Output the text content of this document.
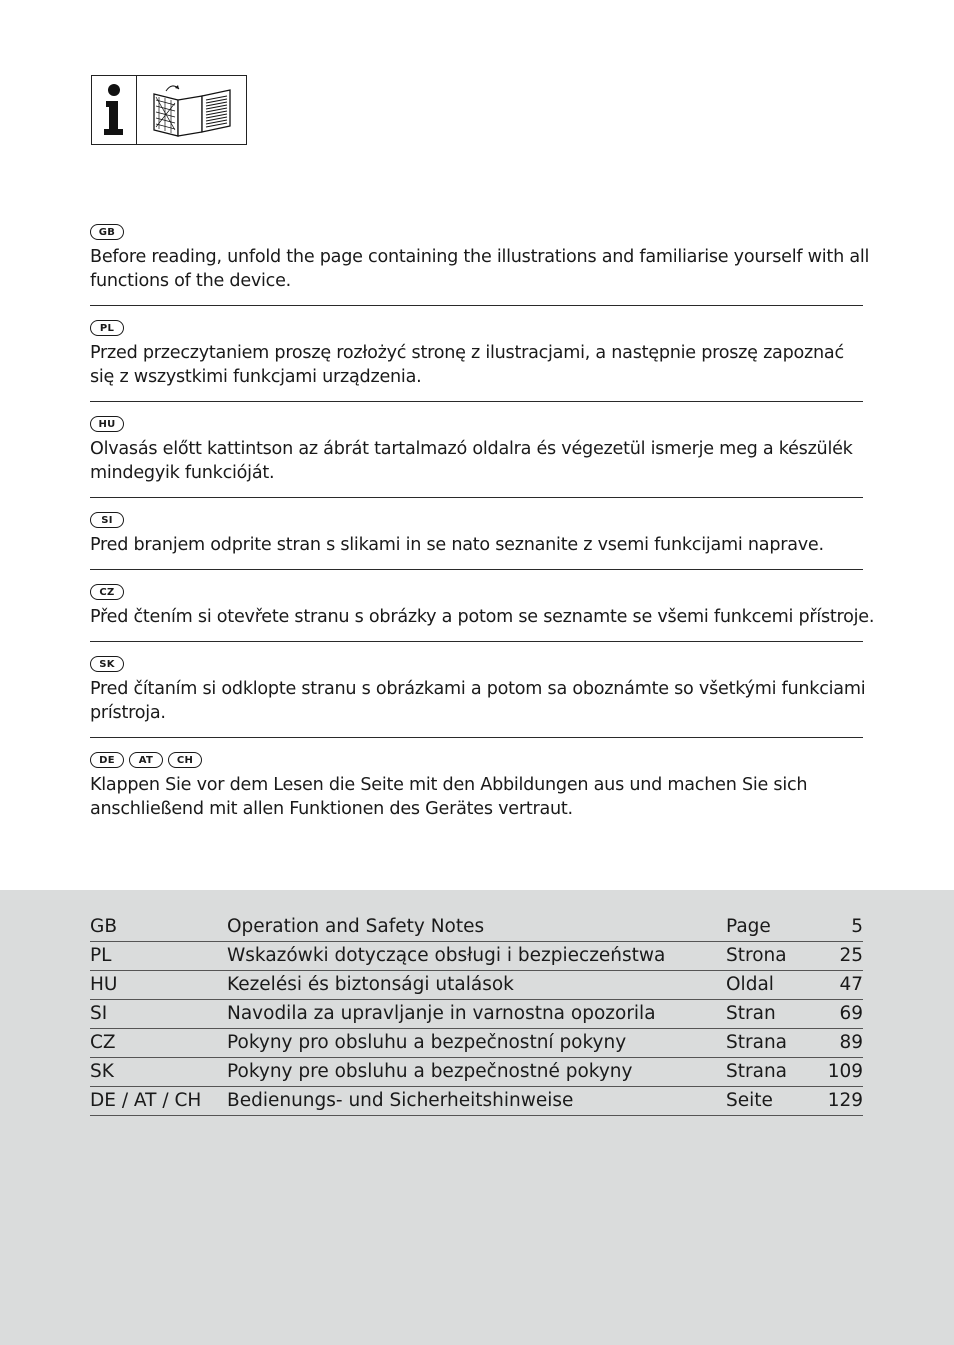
GB

Before reading, unfold the page containing the illustrations and familiarise yourself with all
functions of the device.

PL

Przed przeczytaniem proszę rozłożyć stronę z ilustracjami, a następnie proszę zapoznać
się z wszystkimi funkcjami urządzenia.

HU

Olvasás előtt kattintson az ábrát tartalmazó oldalra és végezetül ismerje meg a készülék
mindegyik funkcióját.

SI

Pred branjem odprite stran s slikami in se nato seznanite z vsemi funkcijami naprave.

CZ

Před čtením si otevřete stranu s obrázky a potom se seznamte se všemi funkcemi přístroje.

SK

Pred čítaním si odklopte stranu s obrázkami a potom sa oboznámte so všetkými funkciami
prístroja.

DE	AT	CH

Klappen Sie vor dem Lesen die Seite mit den Abbildungen aus und machen Sie sich
anschließend mit allen Funktionen des Gerätes vertraut.

GB	Operation and Safety Notes	Page	5
PL	Wskazówki dotyczące obsługi i bezpieczeństwa	Strona	25
HU	Kezelési és biztonsági utalások	Oldal	47
SI	Navodila za upravljanje in varnostna opozorila	Stran	69
CZ	Pokyny pro obsluhu a bezpečnostní pokyny	Strana	89
SK	Pokyny pre obsluhu a bezpečnostné pokyny	Strana	109
DE / AT / CH	Bedienungs- und Sicherheitshinweise	Seite	129
